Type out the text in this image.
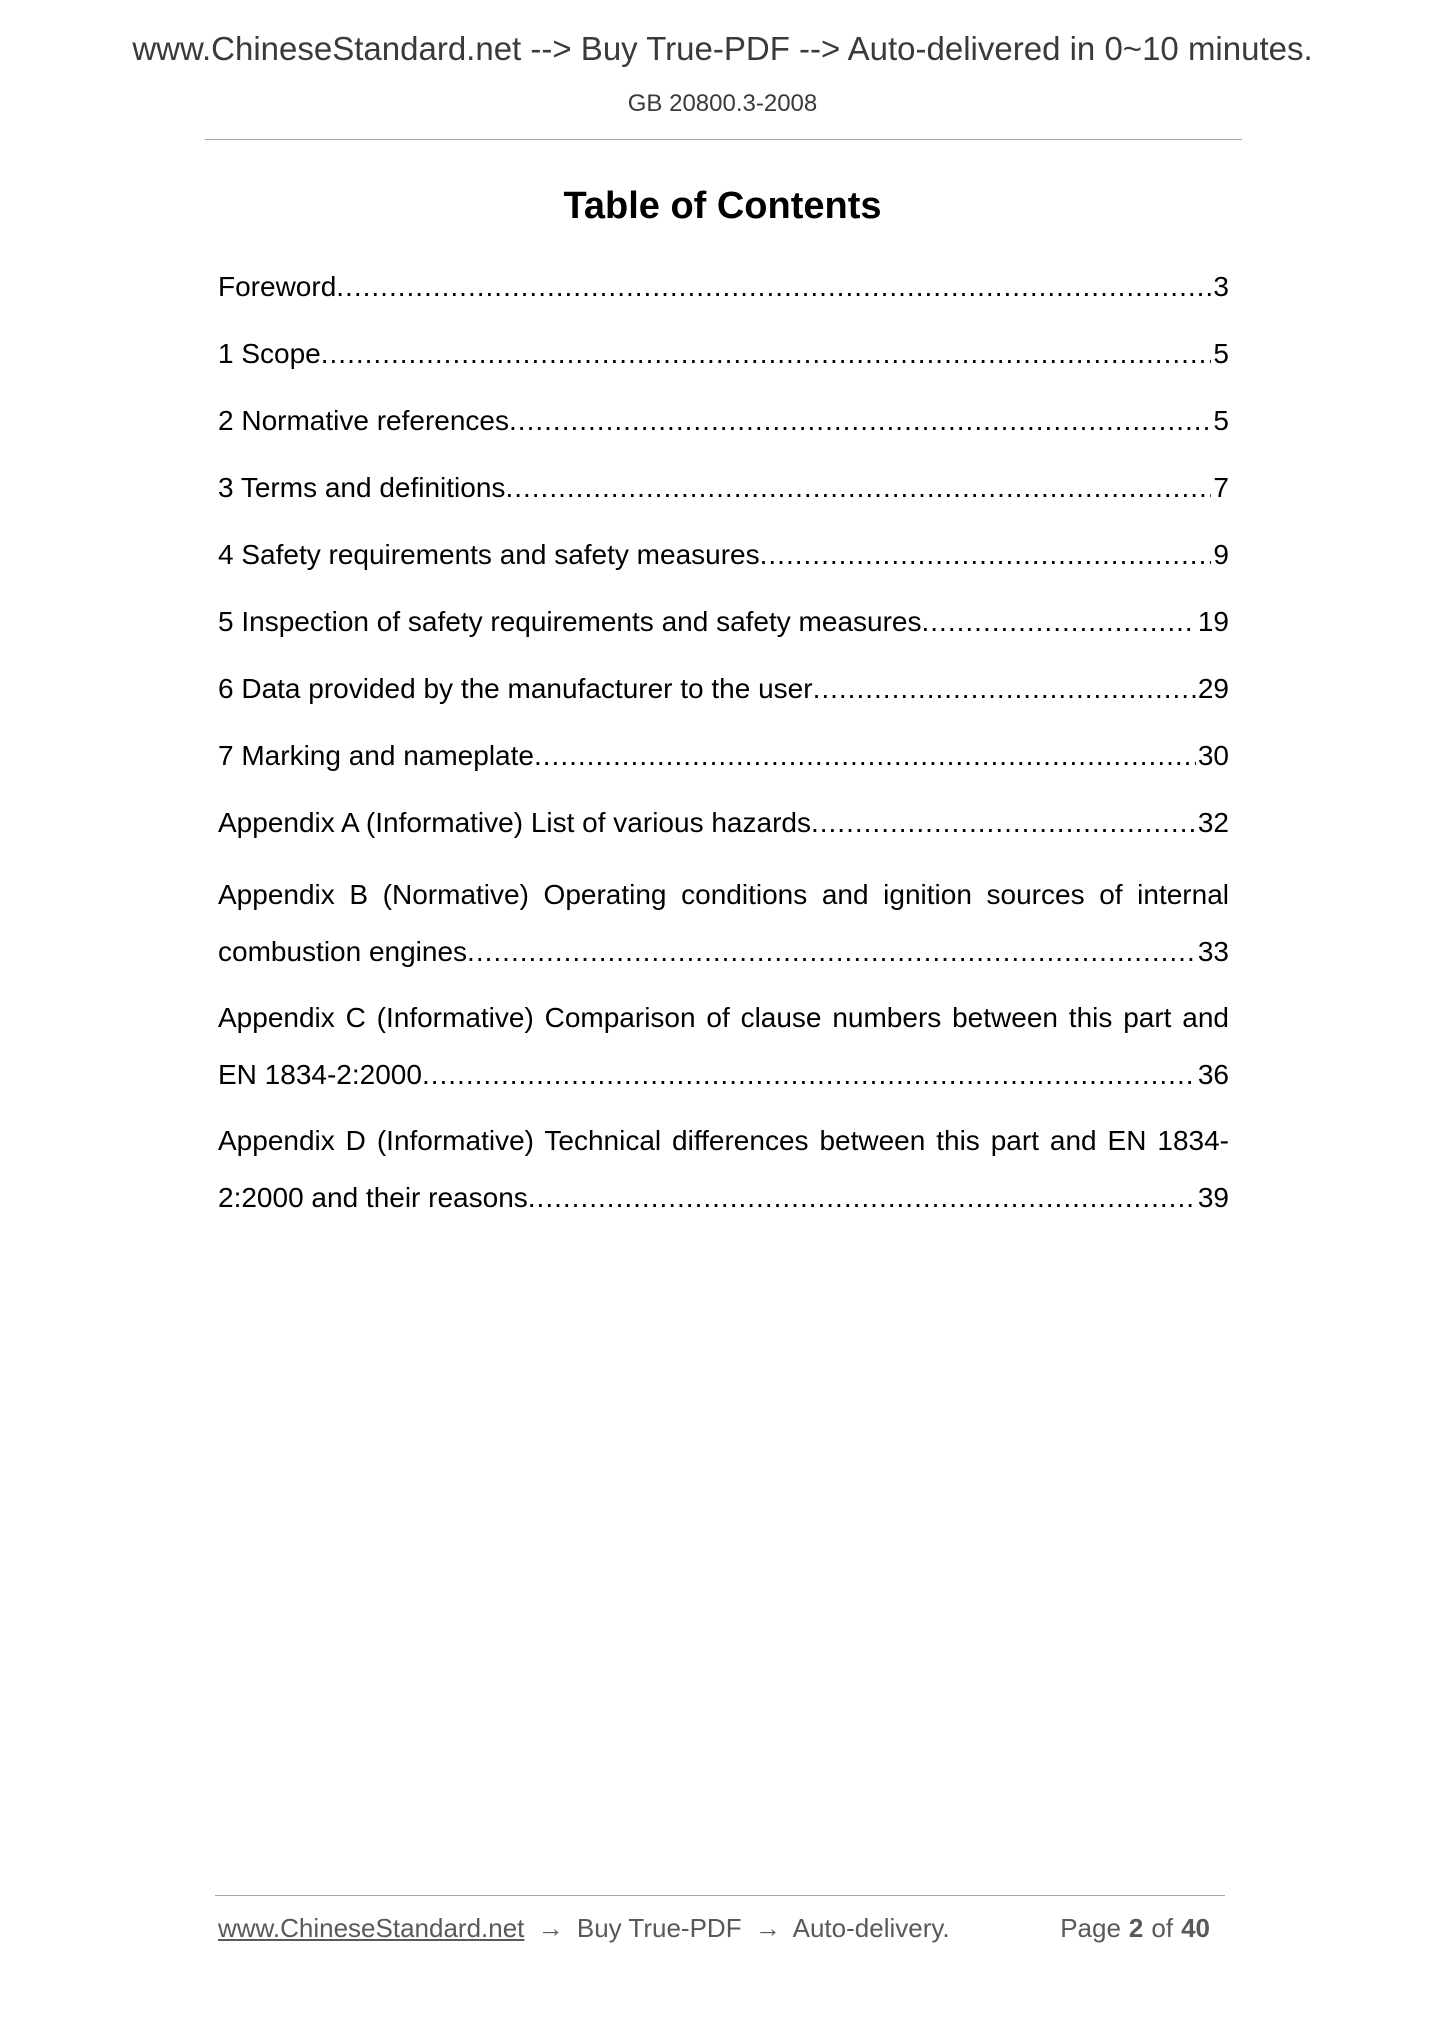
www.ChineseStandard.net --> Buy True-PDF --> Auto-delivered in 0~10 minutes.
GB 20800.3-2008
Table of Contents
Foreword .....	3
1 Scope .....	5
2 Normative references .....	5
3 Terms and definitions .....	7
4 Safety requirements and safety measures .....	9
5 Inspection of safety requirements and safety measures .....	19
6 Data provided by the manufacturer to the user .....	29
7 Marking and nameplate .....	30
Appendix A (Informative) List of various hazards .....	32
Appendix B (Normative) Operating conditions and ignition sources of internal
combustion engines .....	33
Appendix C (Informative) Comparison of clause numbers between this part and
EN 1834-2:2000 .....	36
Appendix D (Informative) Technical differences between this part and EN 1834-
2:2000 and their reasons .....	39
www.ChineseStandard.net → Buy True-PDF → Auto-delivery.	Page 2 of 40
